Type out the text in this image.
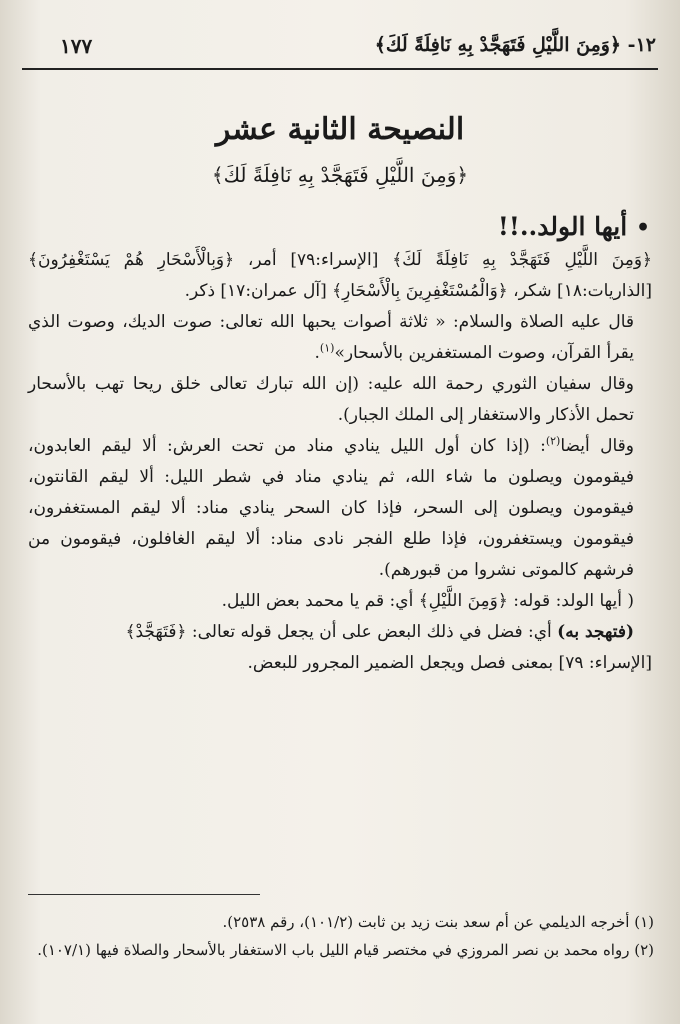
١٢- ﴿وَمِنَ اللَّيْلِ فَتَهَجَّدْ بِهِ نَافِلَةً لَكَ﴾
١٧٧
النصيحة الثانية عشر
﴿وَمِنَ اللَّيْلِ فَتَهَجَّدْ بِهِ نَافِلَةً لَكَ﴾
• أيها الولد..!!

﴿وَمِنَ اللَّيْلِ فَتَهَجَّدْ بِهِ نَافِلَةً لَكَ﴾ [الإسراء:٧٩] أمر، ﴿وَبِالْأَسْحَارِ هُمْ يَسْتَغْفِرُونَ﴾ [الذاريات:١٨] شكر، ﴿وَالْمُسْتَغْفِرِينَ بِالْأَسْحَارِ﴾ [آل عمران:١٧] ذكر.

قال عليه الصلاة والسلام: « ثلاثة أصوات يحبها الله تعالى: صوت الديك، وصوت الذي يقرأ القرآن، وصوت المستغفرين بالأسحار»$^{(١)}$.

وقال سفيان الثوري رحمة الله عليه: (إن الله تبارك تعالى خلق ريحا تهب بالأسحار تحمل الأذكار والاستغفار إلى الملك الجبار).

وقال أيضا$^{(٢)}$: (إذا كان أول الليل ينادي مناد من تحت العرش: ألا ليقم العابدون، فيقومون ويصلون ما شاء الله، ثم ينادي مناد في شطر الليل: ألا ليقم القانتون، فيقومون ويصلون إلى السحر، فإذا كان السحر ينادي مناد: ألا ليقم المستغفرون، فيقومون ويستغفرون، فإذا طلع الفجر نادى مناد: ألا ليقم الغافلون، فيقومون من فرشهم كالموتى نشروا من قبورهم).

( أيها الولد: قوله: ﴿وَمِنَ اللَّيْلِ﴾ أي: قم يا محمد بعض الليل.

(فتهجد به) أي: فضل في ذلك البعض على أن يجعل قوله تعالى: ﴿فَتَهَجَّدْ﴾

[الإسراء: ٧٩] بمعنى فصل ويجعل الضمير المجرور للبعض.

(١) أخرجه الديلمي عن أم سعد بنت زيد بن ثابت (١٠١/٢)، رقم ٢٥٣٨).

(٢) رواه محمد بن نصر المروزي في مختصر قيام الليل باب الاستغفار بالأسحار والصلاة فيها (١٠٧/١).
